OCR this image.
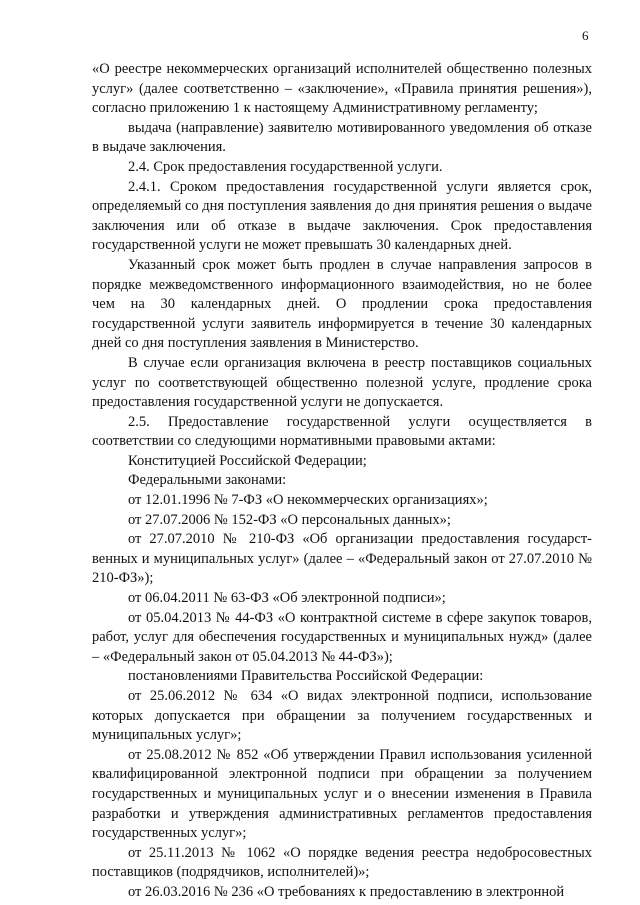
6

«О реестре некоммерческих организаций исполнителей общественно полезных услуг» (далее соответственно – «заключение», «Правила принятия решения»), согласно приложению 1 к настоящему Административному регламенту;

выдача (направление) заявителю мотивированного уведомления об отказе в выдаче заключения.

2.4. Срок предоставления государственной услуги.

2.4.1. Сроком предоставления государственной услуги является срок, определяемый со дня поступления заявления до дня принятия решения о выдаче заключения или об отказе в выдаче заключения. Срок предоставления государственной услуги не может превышать 30 календарных дней.

Указанный срок может быть продлен в случае направления запросов в порядке межведомственного информационного взаимодействия, но не более чем на 30 календарных дней. О продлении срока предоставления государственной услуги заявитель информируется в течение 30 календарных дней со дня поступления заявления в Министерство.

В случае если организация включена в реестр поставщиков социальных услуг по соответствующей общественно полезной услуге, продление срока предоставления государственной услуги не допускается.

2.5. Предоставление государственной услуги осуществляется в соответствии со следующими нормативными правовыми актами:

Конституцией Российской Федерации;

Федеральными законами:

от 12.01.1996 № 7-ФЗ «О некоммерческих организациях»;

от 27.07.2006 № 152-ФЗ «О персональных данных»;

от 27.07.2010 № 210-ФЗ «Об организации предоставления государственных и муниципальных услуг» (далее – «Федеральный закон от 27.07.2010 № 210-ФЗ»);

от 06.04.2011 № 63-ФЗ «Об электронной подписи»;

от 05.04.2013 № 44-ФЗ «О контрактной системе в сфере закупок товаров, работ, услуг для обеспечения государственных и муниципальных нужд» (далее – «Федеральный закон от 05.04.2013 № 44-ФЗ»);

постановлениями Правительства Российской Федерации:

от 25.06.2012 № 634 «О видах электронной подписи, использование которых допускается при обращении за получением государственных и муниципальных услуг»;

от 25.08.2012 № 852 «Об утверждении Правил использования усиленной квалифицированной электронной подписи при обращении за получением государственных и муниципальных услуг и о внесении изменения в Правила разработки и утверждения административных регламентов предоставления государственных услуг»;

от 25.11.2013 № 1062 «О порядке ведения реестра недобросовестных поставщиков (подрядчиков, исполнителей)»;

от 26.03.2016 № 236 «О требованиях к предоставлению в электронной
